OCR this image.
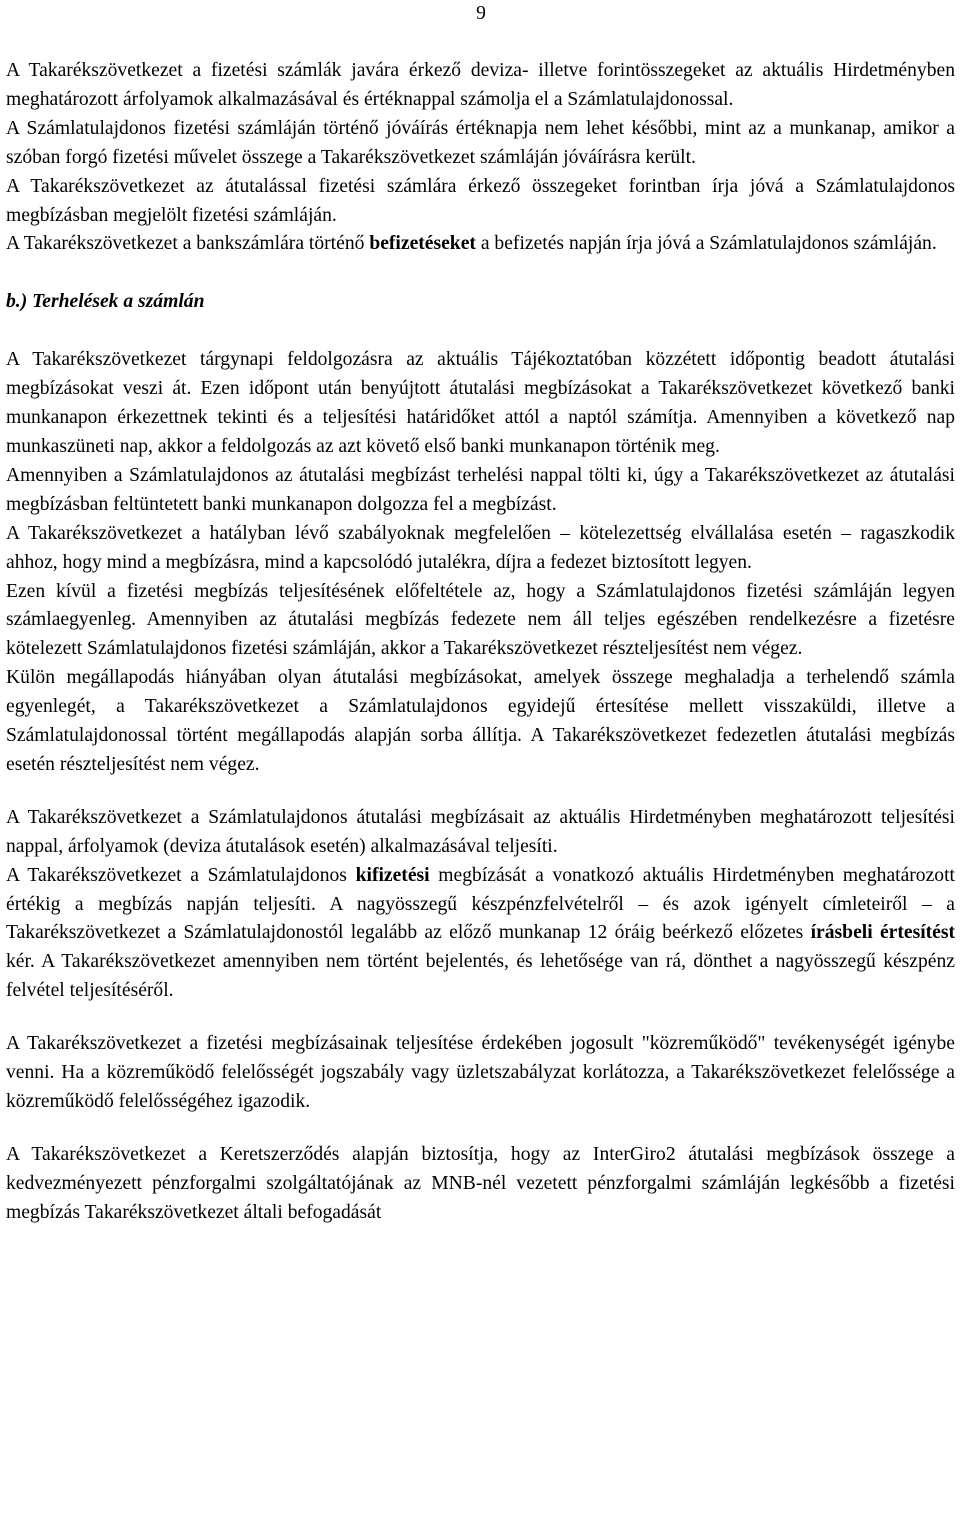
9

A Takarékszövetkezet a fizetési számlák javára érkező deviza- illetve forintösszegeket az aktuális Hirdetményben meghatározott árfolyamok alkalmazásával és értéknappal számolja el a Számlatulajdonossal.

A Számlatulajdonos fizetési számláján történő jóváírás értéknapja nem lehet későbbi, mint az a munkanap, amikor a szóban forgó fizetési művelet összege a Takarékszövetkezet számláján jóváírásra került.

A Takarékszövetkezet az átutalással fizetési számlára érkező összegeket forintban írja jóvá a Számlatulajdonos megbízásban megjelölt fizetési számláján.

A Takarékszövetkezet a bankszámlára történő befizetéseket a befizetés napján írja jóvá a Számlatulajdonos számláján.

b.) Terhelések a számlán

A Takarékszövetkezet tárgynapi feldolgozásra az aktuális Tájékoztatóban közzétett időpontig beadott átutalási megbízásokat veszi át. Ezen időpont után benyújtott átutalási megbízásokat a Takarékszövetkezet következő banki munkanapon érkezettnek tekinti és a teljesítési határidőket attól a naptól számítja. Amennyiben a következő nap munkaszüneti nap, akkor a feldolgozás az azt követő első banki munkanapon történik meg.

Amennyiben a Számlatulajdonos az átutalási megbízást terhelési nappal tölti ki, úgy a Takarékszövetkezet az átutalási megbízásban feltüntetett banki munkanapon dolgozza fel a megbízást.

A Takarékszövetkezet a hatályban lévő szabályoknak megfelelően – kötelezettség elvállalása esetén – ragaszkodik ahhoz, hogy mind a megbízásra, mind a kapcsolódó jutalékra, díjra a fedezet biztosított legyen.

Ezen kívül a fizetési megbízás teljesítésének előfeltétele az, hogy a Számlatulajdonos fizetési számláján legyen számlaegyenleg. Amennyiben az átutalási megbízás fedezete nem áll teljes egészében rendelkezésre a fizetésre kötelezett Számlatulajdonos fizetési számláján, akkor a Takarékszövetkezet részteljesítést nem végez.

Külön megállapodás hiányában olyan átutalási megbízásokat, amelyek összege meghaladja a terhelendő számla egyenlegét, a Takarékszövetkezet a Számlatulajdonos egyidejű értesítése mellett visszaküldi, illetve a Számlatulajdonossal történt megállapodás alapján sorba állítja. A Takarékszövetkezet fedezetlen átutalási megbízás esetén részteljesítést nem végez.

A Takarékszövetkezet a Számlatulajdonos átutalási megbízásait az aktuális Hirdetményben meghatározott teljesítési nappal, árfolyamok (deviza átutalások esetén) alkalmazásával teljesíti.

A Takarékszövetkezet a Számlatulajdonos kifizetési megbízását a vonatkozó aktuális Hirdetményben meghatározott értékig a megbízás napján teljesíti. A nagyösszegű készpénzfelvételről – és azok igényelt címleteiről – a Takarékszövetkezet a Számlatulajdonostól legalább az előző munkanap 12 óráig beérkező előzetes írásbeli értesítést kér. A Takarékszövetkezet amennyiben nem történt bejelentés, és lehetősége van rá, dönthet a nagyösszegű készpénz felvétel teljesítéséről.

A Takarékszövetkezet a fizetési megbízásainak teljesítése érdekében jogosult "közreműködő" tevékenységét igénybe venni. Ha a közreműködő felelősségét jogszabály vagy üzletszabályzat korlátozza, a Takarékszövetkezet felelőssége a közreműködő felelősségéhez igazodik.

A Takarékszövetkezet a Keretszerződés alapján biztosítja, hogy az InterGiro2 átutalási megbízások összege a kedvezményezett pénzforgalmi szolgáltatójának az MNB-nél vezetett pénzforgalmi számláján legkésőbb a fizetési megbízás Takarékszövetkezet általi befogadását
